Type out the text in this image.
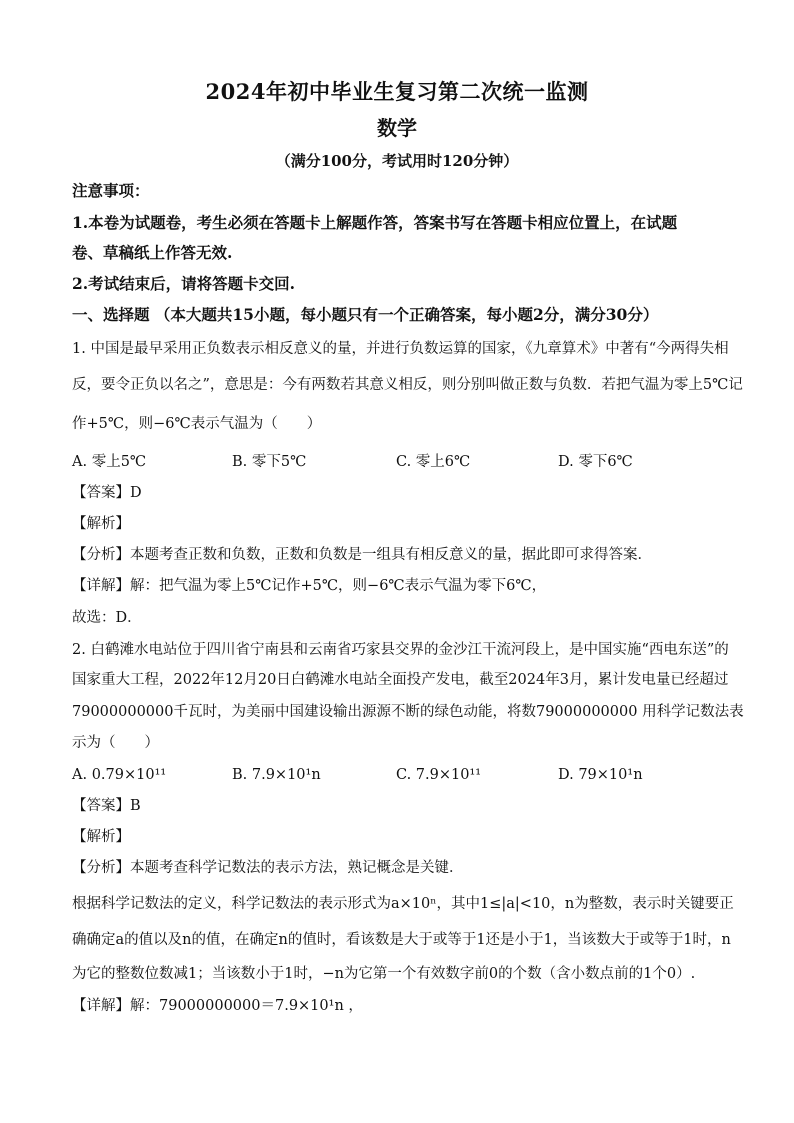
2024年初中毕业生复习第二次统一监测
数学
（满分100分，考试用时120分钟）
注意事项：
1.本卷为试题卷，考生必须在答题卡上解题作答，答案书写在答题卡相应位置上，在试题
卷、草稿纸上作答无效.
2.考试结束后，请将答题卡交回.
一、选择题 （本大题共15小题，每小题只有一个正确答案，每小题2分，满分30分）
1. 中国是最早采用正负数表示相反意义的量，并进行负数运算的国家，《九章算术》中著有“今两得失相
反，要令正负以名之”，意思是：今有两数若其意义相反，则分别叫做正数与负数．若把气温为零上5℃记
作+5℃，则−6℃表示气温为（　　）
A. 零上5℃	B. 零下5℃	C. 零上6℃	D. 零下6℃
【答案】D
【解析】
【分析】本题考查正数和负数，正数和负数是一组具有相反意义的量，据此即可求得答案．
【详解】解：把气温为零上5℃记作+5℃，则−6℃表示气温为零下6℃，
故选：D．
2. 白鹤滩水电站位于四川省宁南县和云南省巧家县交界的金沙江干流河段上，是中国实施“西电东送”的
国家重大工程，2022年12月20日白鹤滩水电站全面投产发电，截至2024年3月，累计发电量已经超过
79000000000千瓦时，为美丽中国建设输出源源不断的绿色动能，将数79000000000 用科学记数法表
示为（　　）
A. 0.79×10¹¹	B. 7.9×10¹n	C. 7.9×10¹¹	D. 79×10¹n
【答案】B
【解析】
【分析】本题考查科学记数法的表示方法，熟记概念是关键．
根据科学记数法的定义，科学记数法的表示形式为a×10ⁿ，其中1≤|a|<10，n为整数，表示时关键要正
确确定a的值以及n的值，在确定n的值时，看该数是大于或等于1还是小于1，当该数大于或等于1时，n
为它的整数位数减1；当该数小于1时，−n为它第一个有效数字前0的个数（含小数点前的1个0）.
【详解】解：79000000000＝7.9×10¹n ，
